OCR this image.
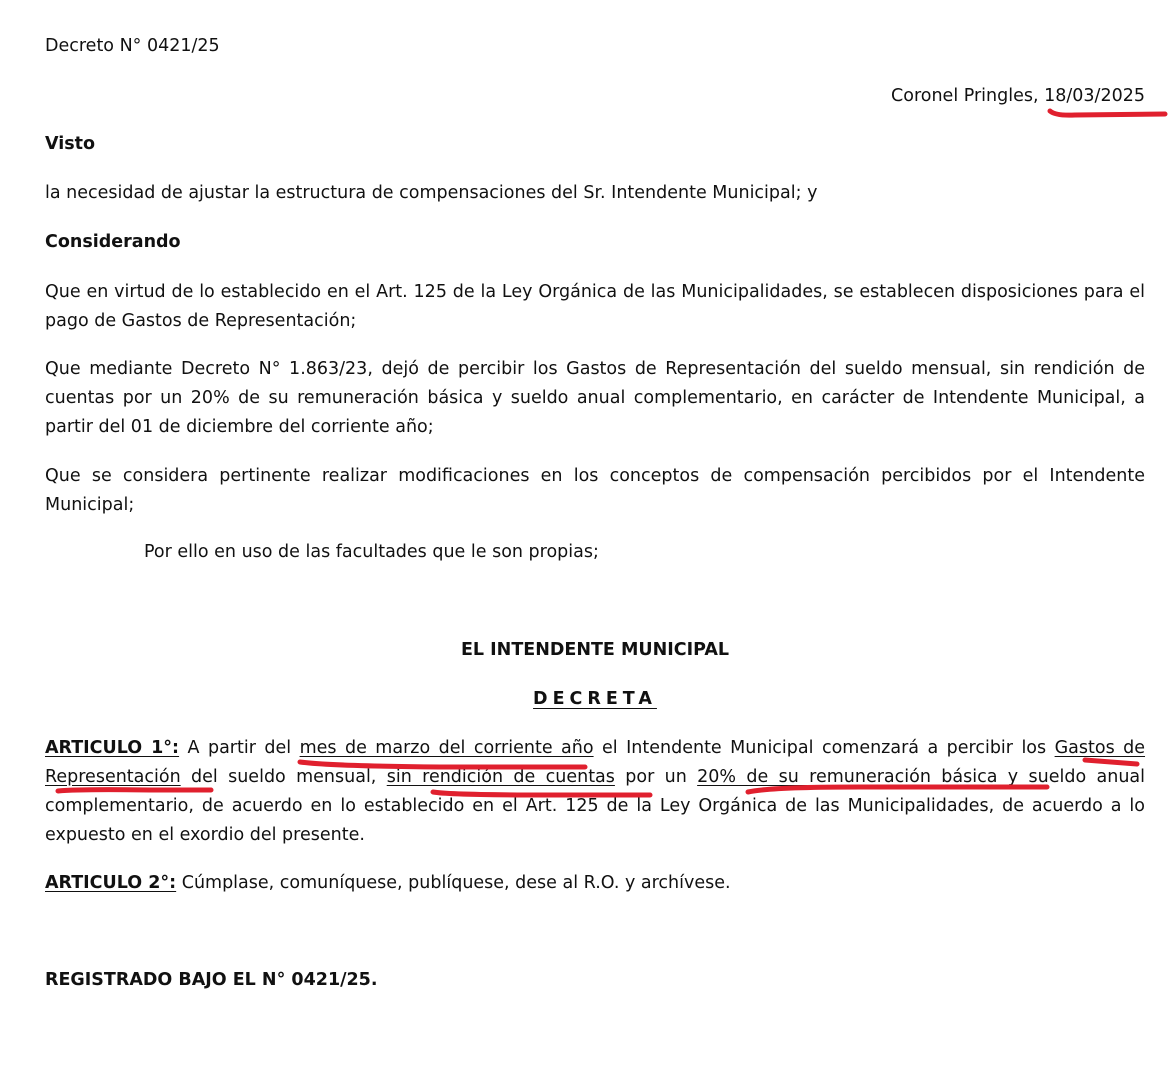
Decreto N° 0421/25
Coronel Pringles, 18/03/2025
Visto
la necesidad de ajustar la estructura de compensaciones del Sr. Intendente Municipal; y
Considerando
Que en virtud de lo establecido en el Art. 125 de la Ley Orgánica de las Municipalidades, se establecen disposiciones para el pago de Gastos de Representación;
Que mediante Decreto N° 1.863/23, dejó de percibir los Gastos de Representación del sueldo mensual, sin rendición de cuentas por un 20% de su remuneración básica y sueldo anual complementario, en carácter de Intendente Municipal, a partir del 01 de diciembre del corriente año;
Que se considera pertinente realizar modificaciones en los conceptos de compensación percibidos por el Intendente Municipal;
Por ello en uso de las facultades que le son propias;
EL INTENDENTE MUNICIPAL
DECRETA
ARTICULO 1°: A partir del mes de marzo del corriente año el Intendente Municipal comenzará a percibir los Gastos de Representación del sueldo mensual, sin rendición de cuentas por un 20% de su remuneración básica y sueldo anual complementario, de acuerdo en lo establecido en el Art. 125 de la Ley Orgánica de las Municipalidades, de acuerdo a lo expuesto en el exordio del presente.
ARTICULO 2°: Cúmplase, comuníquese, publíquese, dese al R.O. y archívese.
REGISTRADO BAJO EL N° 0421/25.
